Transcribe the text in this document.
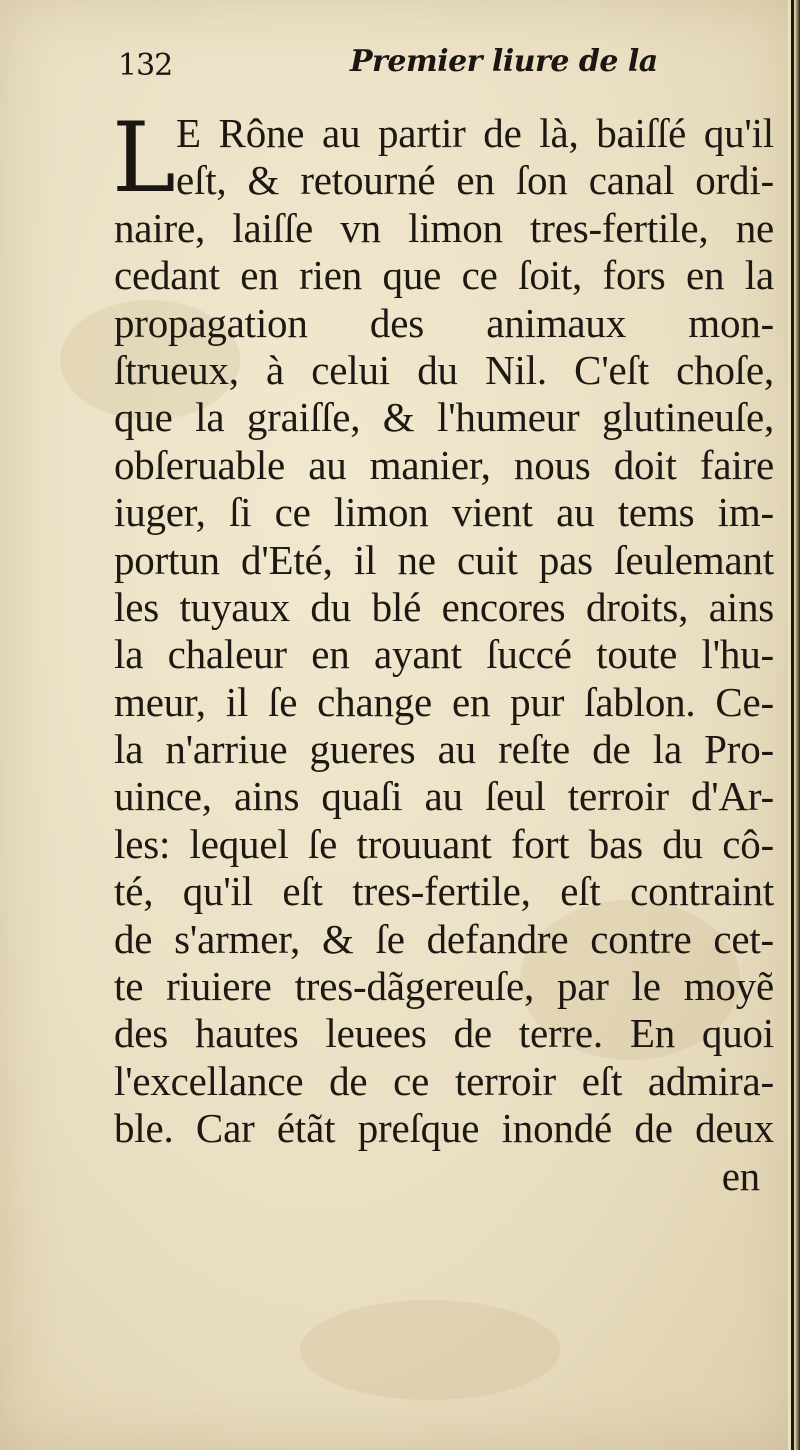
132	Premier liure de la
L E Rône au partir de là, baiſſé qu'il
eſt, & retourné en ſon canal ordi-
naire, laiſſe vn limon tres-fertile, ne
cedant en rien que ce ſoit, fors en la
propagation des animaux mon-
ſtrueux, à celui du Nil. C'eſt choſe,
que la graiſſe, & l'humeur glutineuſe,
obſeruable au manier, nous doit faire
iuger, ſi ce limon vient au tems im-
portun d'Eté, il ne cuit pas ſeulemant
les tuyaux du blé encores droits, ains
la chaleur en ayant ſuccé toute l'hu-
meur, il ſe change en pur ſablon. Ce-
la n'arriue gueres au reſte de la Pro-
uince, ains quaſi au ſeul terroir d'Ar-
les: lequel ſe trouuant fort bas du cô-
té, qu'il eſt tres-fertile, eſt contraint
de s'armer, & ſe defandre contre cet-
te riuiere tres-dãgereuſe, par le moyẽ
des hautes leuees de terre. En quoi
l'excellance de ce terroir eſt admira-
ble. Car étãt preſque inondé de deux
en
